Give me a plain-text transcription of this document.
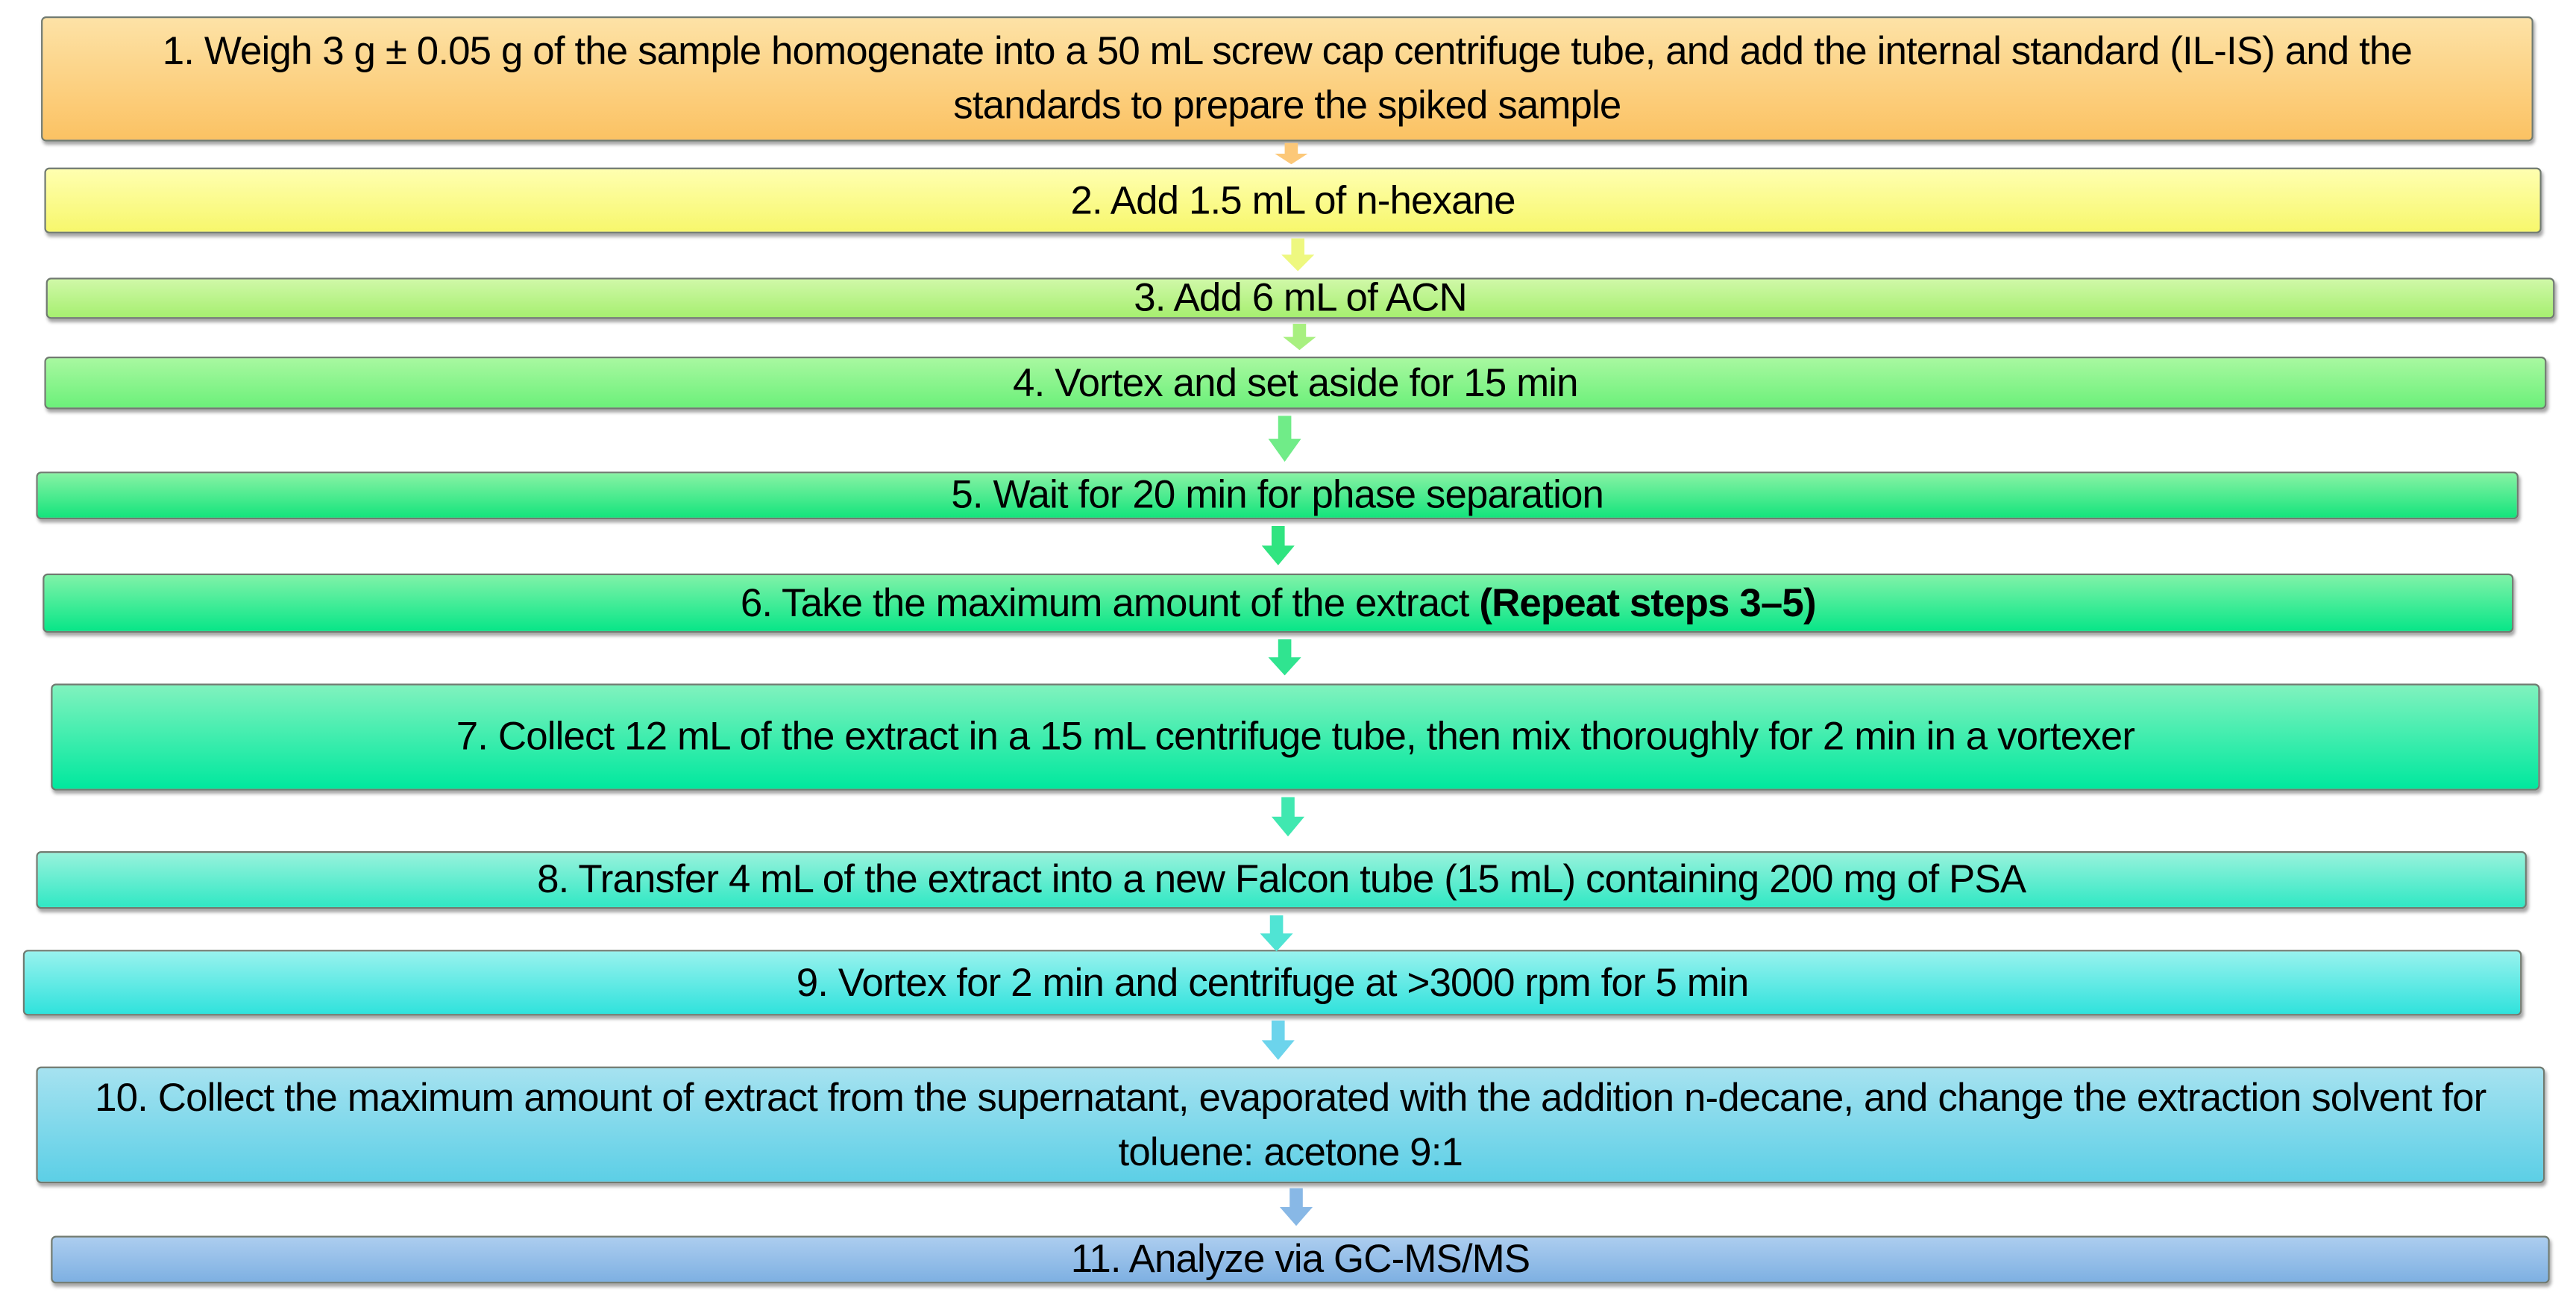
1. Weigh 3 g ± 0.05 g of the sample homogenate into a 50 mL screw cap centrifuge tube, and add the internal standard (IL-IS) and the standards to prepare the spiked sample
2. Add 1.5 mL of n-hexane
3. Add 6 mL of ACN
4. Vortex and set aside for 15 min
5. Wait for 20 min for phase separation
6. Take the maximum amount of the extract (Repeat steps 3–5)
7. Collect 12 mL of the extract in a 15 mL centrifuge tube, then mix thoroughly for 2 min in a vortexer
8. Transfer 4 mL of the extract into a new Falcon tube (15 mL) containing 200 mg of PSA
9. Vortex for 2 min and centrifuge at >3000 rpm for 5 min
10. Collect the maximum amount of extract from the supernatant, evaporated with the addition n-decane, and change the extraction solvent for toluene: acetone 9:1
11. Analyze via GC-MS/MS
